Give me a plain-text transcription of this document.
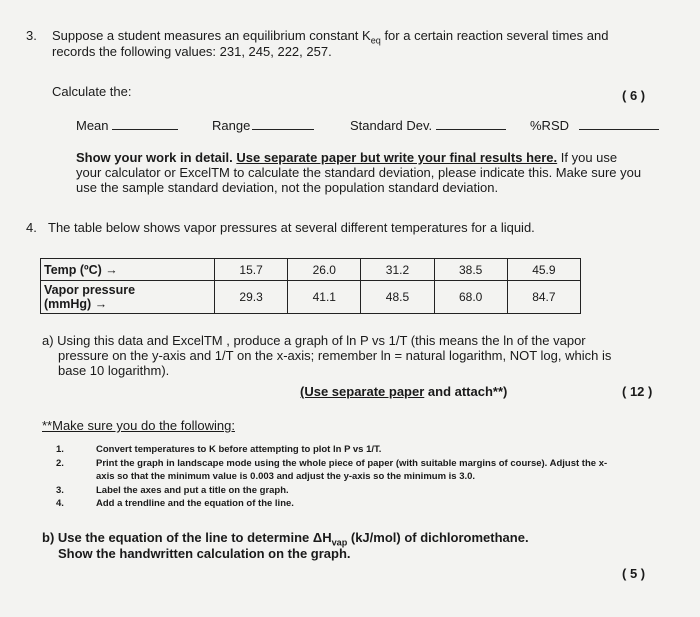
3. Suppose a student measures an equilibrium constant $K_{eq}$ for a certain reaction several times and
records the following values: 231, 245, 222, 257.
Calculate the:	( 6 )
Mean	Range	Standard Dev.	%RSD
Show your work in detail. Use separate paper but write your final results here. If you use
your calculator or ExcelTM to calculate the standard deviation, please indicate this. Make sure you
use the sample standard deviation, not the population standard deviation.
4. The table below shows vapor pressures at several different temperatures for a liquid.
Temp (ºC) →	15.7	26.0	31.2	38.5	45.9

Vapor pressure
(mmHg) →	29.3	41.1	48.5	68.0	84.7
a) Using this data and ExcelTM , produce a graph of ln P vs 1/T (this means the ln of the vapor
pressure on the y-axis and 1/T on the x-axis; remember ln = natural logarithm, NOT log, which is
base 10 logarithm).
(Use separate paper and attach**)	( 12 )
**Make sure you do the following:
1.	Convert temperatures to K before attempting to plot ln P vs 1/T.
2.	Print the graph in landscape mode using the whole piece of paper (with suitable margins of course). Adjust the x-
axis so that the minimum value is 0.003 and adjust the y-axis so the minimum is 3.0.
3.	Label the axes and put a title on the graph.
4.	Add a trendline and the equation of the line.
b) Use the equation of the line to determine $\Delta H_{vap}$ (kJ/mol) of dichloromethane.
Show the handwritten calculation on the graph.
( 5 )
